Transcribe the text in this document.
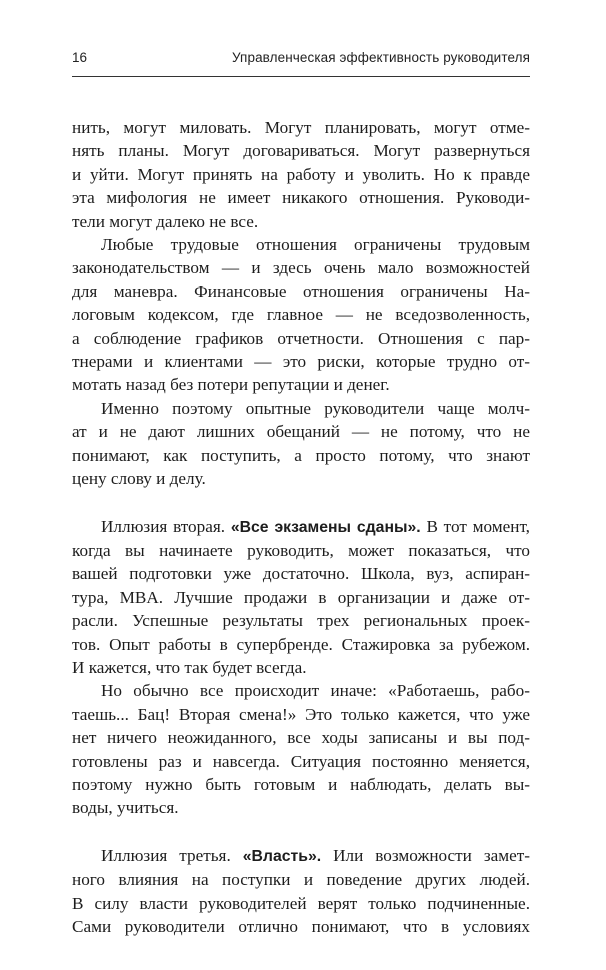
16	Управленческая эффективность руководителя
нить, могут миловать. Могут планировать, могут отме-
нять планы. Могут договариваться. Могут развернуться
и уйти. Могут принять на работу и уволить. Но к правде
эта мифология не имеет никакого отношения. Руководи-
тели могут далеко не все.
Любые трудовые отношения ограничены трудовым
законодательством — и здесь очень мало возможностей
для маневра. Финансовые отношения ограничены На-
логовым кодексом, где главное — не вседозволенность,
а соблюдение графиков отчетности. Отношения с пар-
тнерами и клиентами — это риски, которые трудно от-
мотать назад без потери репутации и денег.
Именно поэтому опытные руководители чаще молч-
ат и не дают лишних обещаний — не потому, что не
понимают, как поступить, а просто потому, что знают
цену слову и делу.
Иллюзия вторая. «Все экзамены сданы». В тот момент,
когда вы начинаете руководить, может показаться, что
вашей подготовки уже достаточно. Школа, вуз, аспиран-
тура, MBA. Лучшие продажи в организации и даже от-
расли. Успешные результаты трех региональных проек-
тов. Опыт работы в супербренде. Стажировка за рубежом.
И кажется, что так будет всегда.
Но обычно все происходит иначе: «Работаешь, рабо-
таешь... Бац! Вторая смена!» Это только кажется, что уже
нет ничего неожиданного, все ходы записаны и вы под-
готовлены раз и навсегда. Ситуация постоянно меняется,
поэтому нужно быть готовым и наблюдать, делать вы-
воды, учиться.
Иллюзия третья. «Власть». Или возможности замет-
ного влияния на поступки и поведение других людей.
В силу власти руководителей верят только подчиненные.
Сами руководители отлично понимают, что в условиях
